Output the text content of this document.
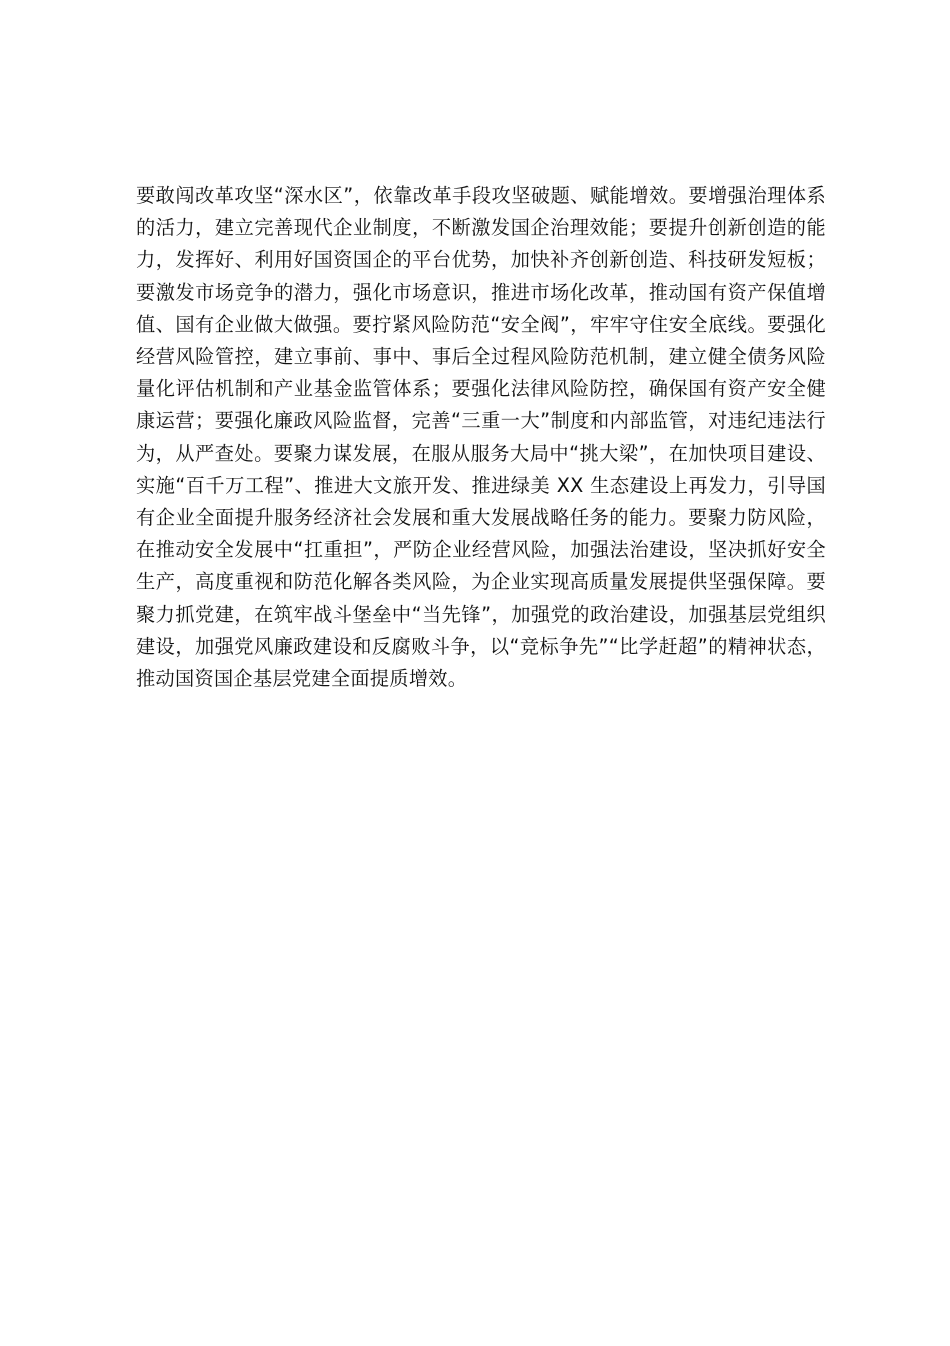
要敢闯改革攻坚“深水区”，依靠改革手段攻坚破题、赋能增效。要增强治理体系的活力，建立完善现代企业制度，不断激发国企治理效能；要提升创新创造的能力，发挥好、利用好国资国企的平台优势，加快补齐创新创造、科技研发短板；要激发市场竞争的潜力，强化市场意识，推进市场化改革，推动国有资产保值增值、国有企业做大做强。要拧紧风险防范“安全阀”，牢牢守住安全底线。要强化经营风险管控，建立事前、事中、事后全过程风险防范机制，建立健全债务风险量化评估机制和产业基金监管体系；要强化法律风险防控，确保国有资产安全健康运营；要强化廉政风险监督，完善“三重一大”制度和内部监管，对违纪违法行为，从严查处。要聚力谋发展，在服从服务大局中“挑大梁”，在加快项目建设、实施“百千万工程”、推进大文旅开发、推进绿美 XX 生态建设上再发力，引导国有企业全面提升服务经济社会发展和重大发展战略任务的能力。要聚力防风险，在推动安全发展中“扛重担”，严防企业经营风险，加强法治建设，坚决抓好安全生产，高度重视和防范化解各类风险，为企业实现高质量发展提供坚强保障。要聚力抓党建，在筑牢战斗堡垒中“当先锋”，加强党的政治建设，加强基层党组织建设，加强党风廉政建设和反腐败斗争，以“竞标争先”“比学赶超”的精神状态，推动国资国企基层党建全面提质增效。
